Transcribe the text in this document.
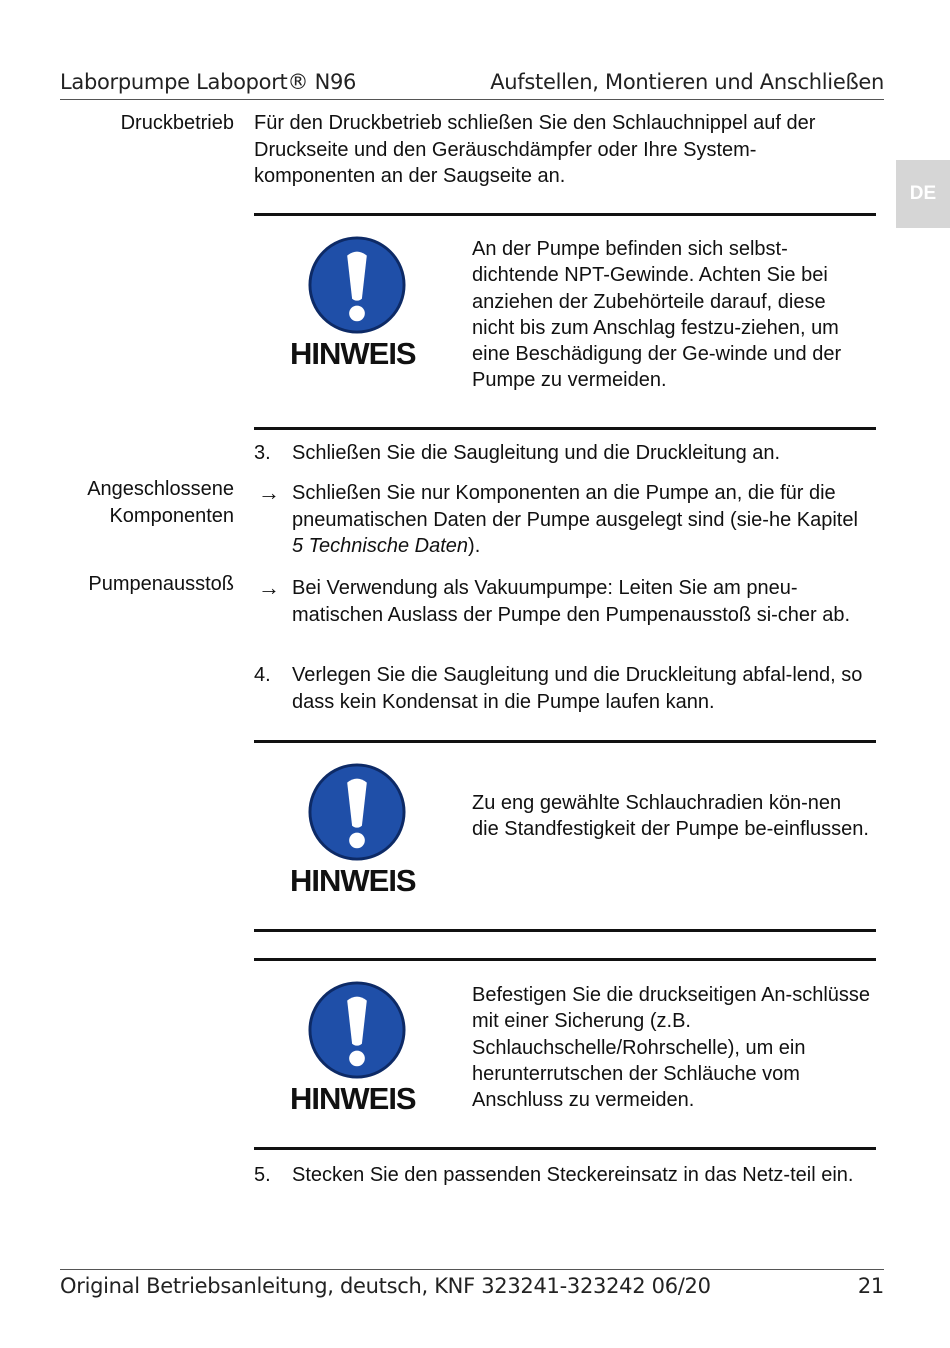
Laborpumpe Laboport® N96	Aufstellen, Montieren und Anschließen
DE
Druckbetrieb Für den Druckbetrieb schließen Sie den Schlauchnippel auf der Druckseite und den Geräuschdämpfer oder Ihre System-komponenten an der Saugseite an.
HINWEIS
An der Pumpe befinden sich selbst-dichtende NPT-Gewinde. Achten Sie bei anziehen der Zubehörteile darauf, diese nicht bis zum Anschlag festzu-ziehen, um eine Beschädigung der Ge-winde und der Pumpe zu vermeiden.
3. Schließen Sie die Saugleitung und die Druckleitung an.
Angeschlossene Komponenten
→ Schließen Sie nur Komponenten an die Pumpe an, die für die pneumatischen Daten der Pumpe ausgelegt sind (sie-he Kapitel 5 Technische Daten).
Pumpenausstoß → Bei Verwendung als Vakuumpumpe: Leiten Sie am pneu-matischen Auslass der Pumpe den Pumpenausstoß si-cher ab.
4. Verlegen Sie die Saugleitung und die Druckleitung abfal-lend, so dass kein Kondensat in die Pumpe laufen kann.
HINWEIS
Zu eng gewählte Schlauchradien kön-nen die Standfestigkeit der Pumpe be-einflussen.
HINWEIS
Befestigen Sie die druckseitigen An-schlüsse mit einer Sicherung (z.B. Schlauchschelle/Rohrschelle), um ein herunterrutschen der Schläuche vom Anschluss zu vermeiden.
5. Stecken Sie den passenden Steckereinsatz in das Netz-teil ein.
Original Betriebsanleitung, deutsch, KNF 323241-323242 06/20	21
